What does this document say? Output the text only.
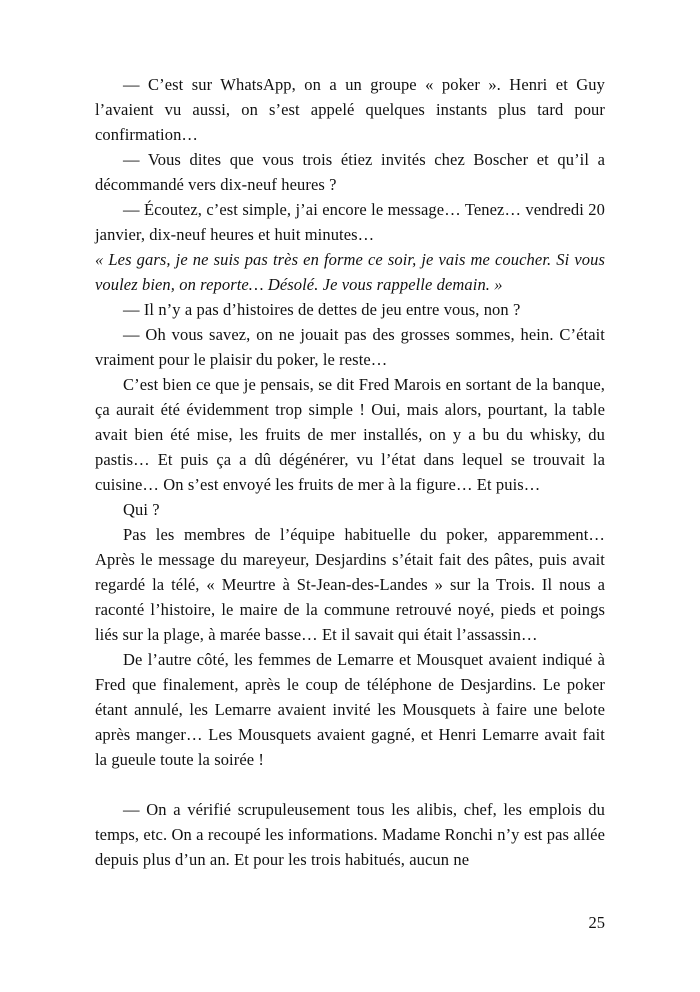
— C’est sur WhatsApp, on a un groupe « poker ». Henri et Guy l’avaient vu aussi, on s’est appelé quelques instants plus tard pour confirmation…

— Vous dites que vous trois étiez invités chez Boscher et qu’il a décommandé vers dix-neuf heures ?

— Écoutez, c’est simple, j’ai encore le message… Tenez… vendredi 20 janvier, dix-neuf heures et huit minutes…

« Les gars, je ne suis pas très en forme ce soir, je vais me coucher. Si vous voulez bien, on reporte… Désolé. Je vous rappelle demain. »

— Il n’y a pas d’histoires de dettes de jeu entre vous, non ?

— Oh vous savez, on ne jouait pas des grosses sommes, hein. C’était vraiment pour le plaisir du poker, le reste…

C’est bien ce que je pensais, se dit Fred Marois en sortant de la banque, ça aurait été évidemment trop simple ! Oui, mais alors, pourtant, la table avait bien été mise, les fruits de mer installés, on y a bu du whisky, du pastis… Et puis ça a dû dégénérer, vu l’état dans lequel se trouvait la cuisine… On s’est envoyé les fruits de mer à la figure… Et puis…

Qui ?

Pas les membres de l’équipe habituelle du poker, apparemment… Après le message du mareyeur, Desjardins s’était fait des pâtes, puis avait regardé la télé, « Meurtre à St-Jean-des-Landes » sur la Trois. Il nous a raconté l’histoire, le maire de la commune retrouvé noyé, pieds et poings liés sur la plage, à marée basse… Et il savait qui était l’assassin…

De l’autre côté, les femmes de Lemarre et Mousquet avaient indiqué à Fred que finalement, après le coup de téléphone de Desjardins. Le poker étant annulé, les Lemarre avaient invité les Mousquets à faire une belote après manger… Les Mousquets avaient gagné, et Henri Lemarre avait fait la gueule toute la soirée !

— On a vérifié scrupuleusement tous les alibis, chef, les emplois du temps, etc. On a recoupé les informations. Madame Ronchi n’y est pas allée depuis plus d’un an. Et pour les trois habitués, aucun ne

25
